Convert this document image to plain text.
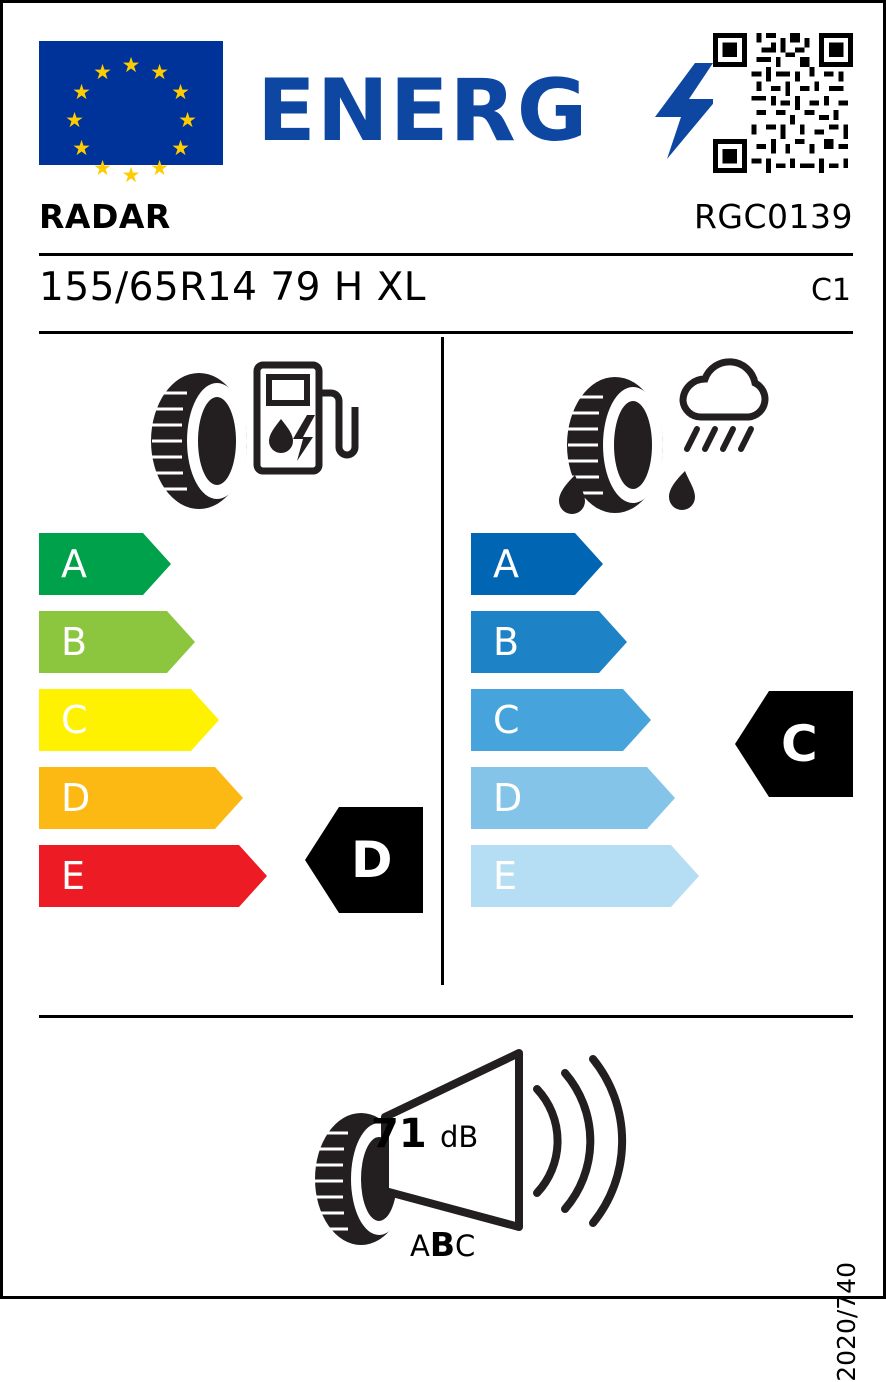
★ ★
★
★
★
★
★
★
★
★
★
★ ENERG
RADAR	RGC0139
155/65R14 79 H XL	C1
A
B
C
D
E	D
A
B
C
D
E
C
71 dB
ABC
2020/740
